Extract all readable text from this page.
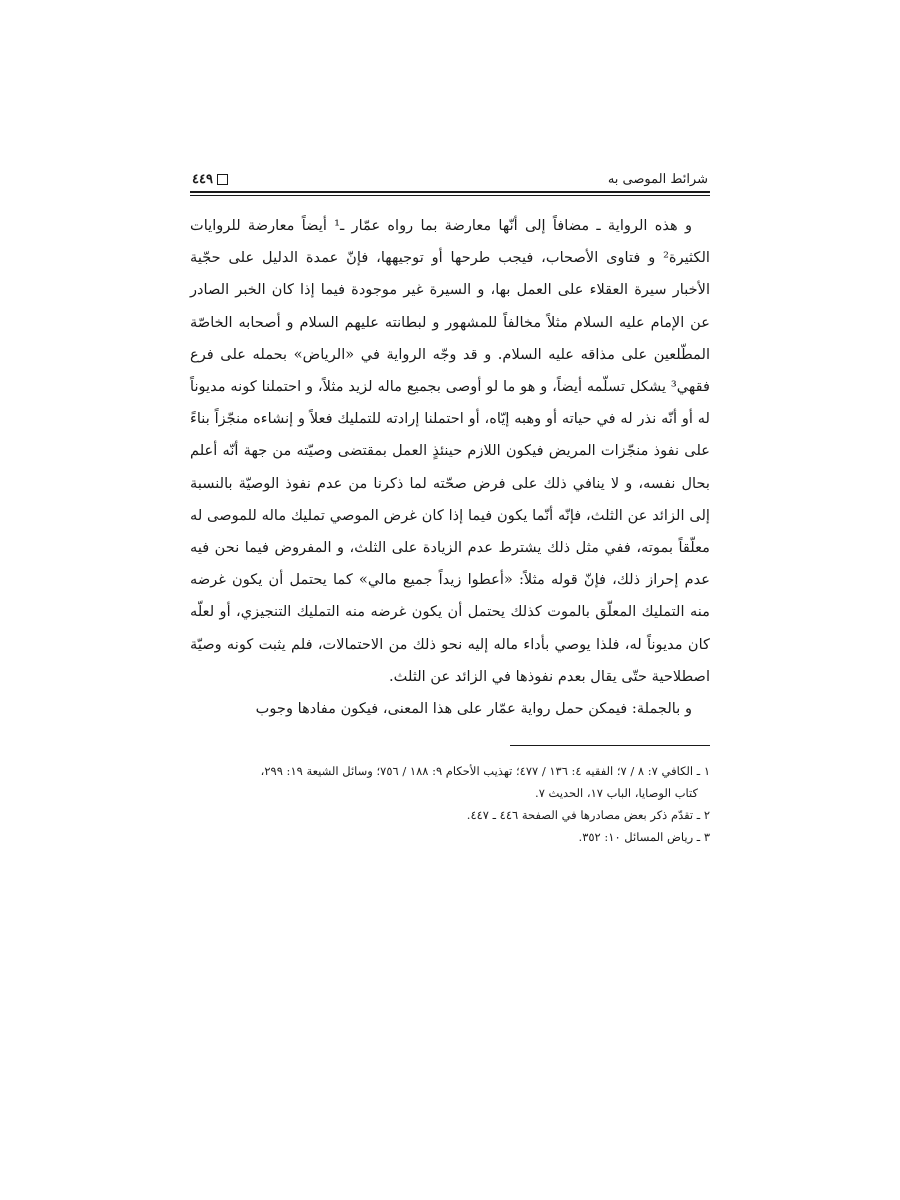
شرائط الموصى به
٤٤٩

و هذه الرواية ـ مضافاً إلى أنّها معارضة بما رواه عمّار ـ¹ أيضاً معارضة للروايات الكثيرة² و فتاوى الأصحاب، فيجب طرحها أو توجيهها، فإنّ عمدة الدليل على حجّية الأخبار سيرة العقلاء على العمل بها، و السيرة غير موجودة فيما إذا كان الخبر الصادر عن الإمام عليه السلام مثلاً مخالفاً للمشهور و لبطانته عليهم السلام و أصحابه الخاصّة المطّلعين على مذاقه عليه السلام. و قد وجّه الرواية في «الرياض» بحمله على فرع فقهي³ يشكل تسلّمه أيضاً، و هو ما لو أوصى بجميع ماله لزيد مثلاً، و احتملنا كونه مديوناً له أو أنّه نذر له في حياته أو وهبه إيّاه، أو احتملنا إرادته للتمليك فعلاً و إنشاءه منجّزاً بناءً على نفوذ منجّزات المريض فيكون اللازم حينئذٍ العمل بمقتضى وصيّته من جهة أنّه أعلم بحال نفسه، و لا ينافي ذلك على فرض صحّته لما ذكرنا من عدم نفوذ الوصيّة بالنسبة إلى الزائد عن الثلث، فإنّه أنّما يكون فيما إذا كان غرض الموصي تمليك ماله للموصى له معلّقاً بموته، ففي مثل ذلك يشترط عدم الزيادة على الثلث، و المفروض فيما نحن فيه عدم إحراز ذلك، فإنّ قوله مثلاً: «أعطوا زيداً جميع مالي» كما يحتمل أن يكون غرضه منه التمليك المعلّق بالموت كذلك يحتمل أن يكون غرضه منه التمليك التنجيزي، أو لعلّه كان مديوناً له، فلذا يوصي بأداء ماله إليه نحو ذلك من الاحتمالات، فلم يثبت كونه وصيّة اصطلاحية حتّى يقال بعدم نفوذها في الزائد عن الثلث.

و بالجملة: فيمكن حمل رواية عمّار على هذا المعنى، فيكون مفادها وجوب

١ ـ الكافي ٧: ٨ / ٧؛ الفقيه ٤: ١٣٦ / ٤٧٧؛ تهذيب الأحكام ٩: ١٨٨ / ٧٥٦؛ وسائل الشيعة ١٩: ٢٩٩،

كتاب الوصايا، الباب ١٧، الحديث ٧.

٢ ـ تقدّم ذكر بعض مصادرها في الصفحة ٤٤٦ ـ ٤٤٧.

٣ ـ رياض المسائل ١٠: ٣٥٢.
